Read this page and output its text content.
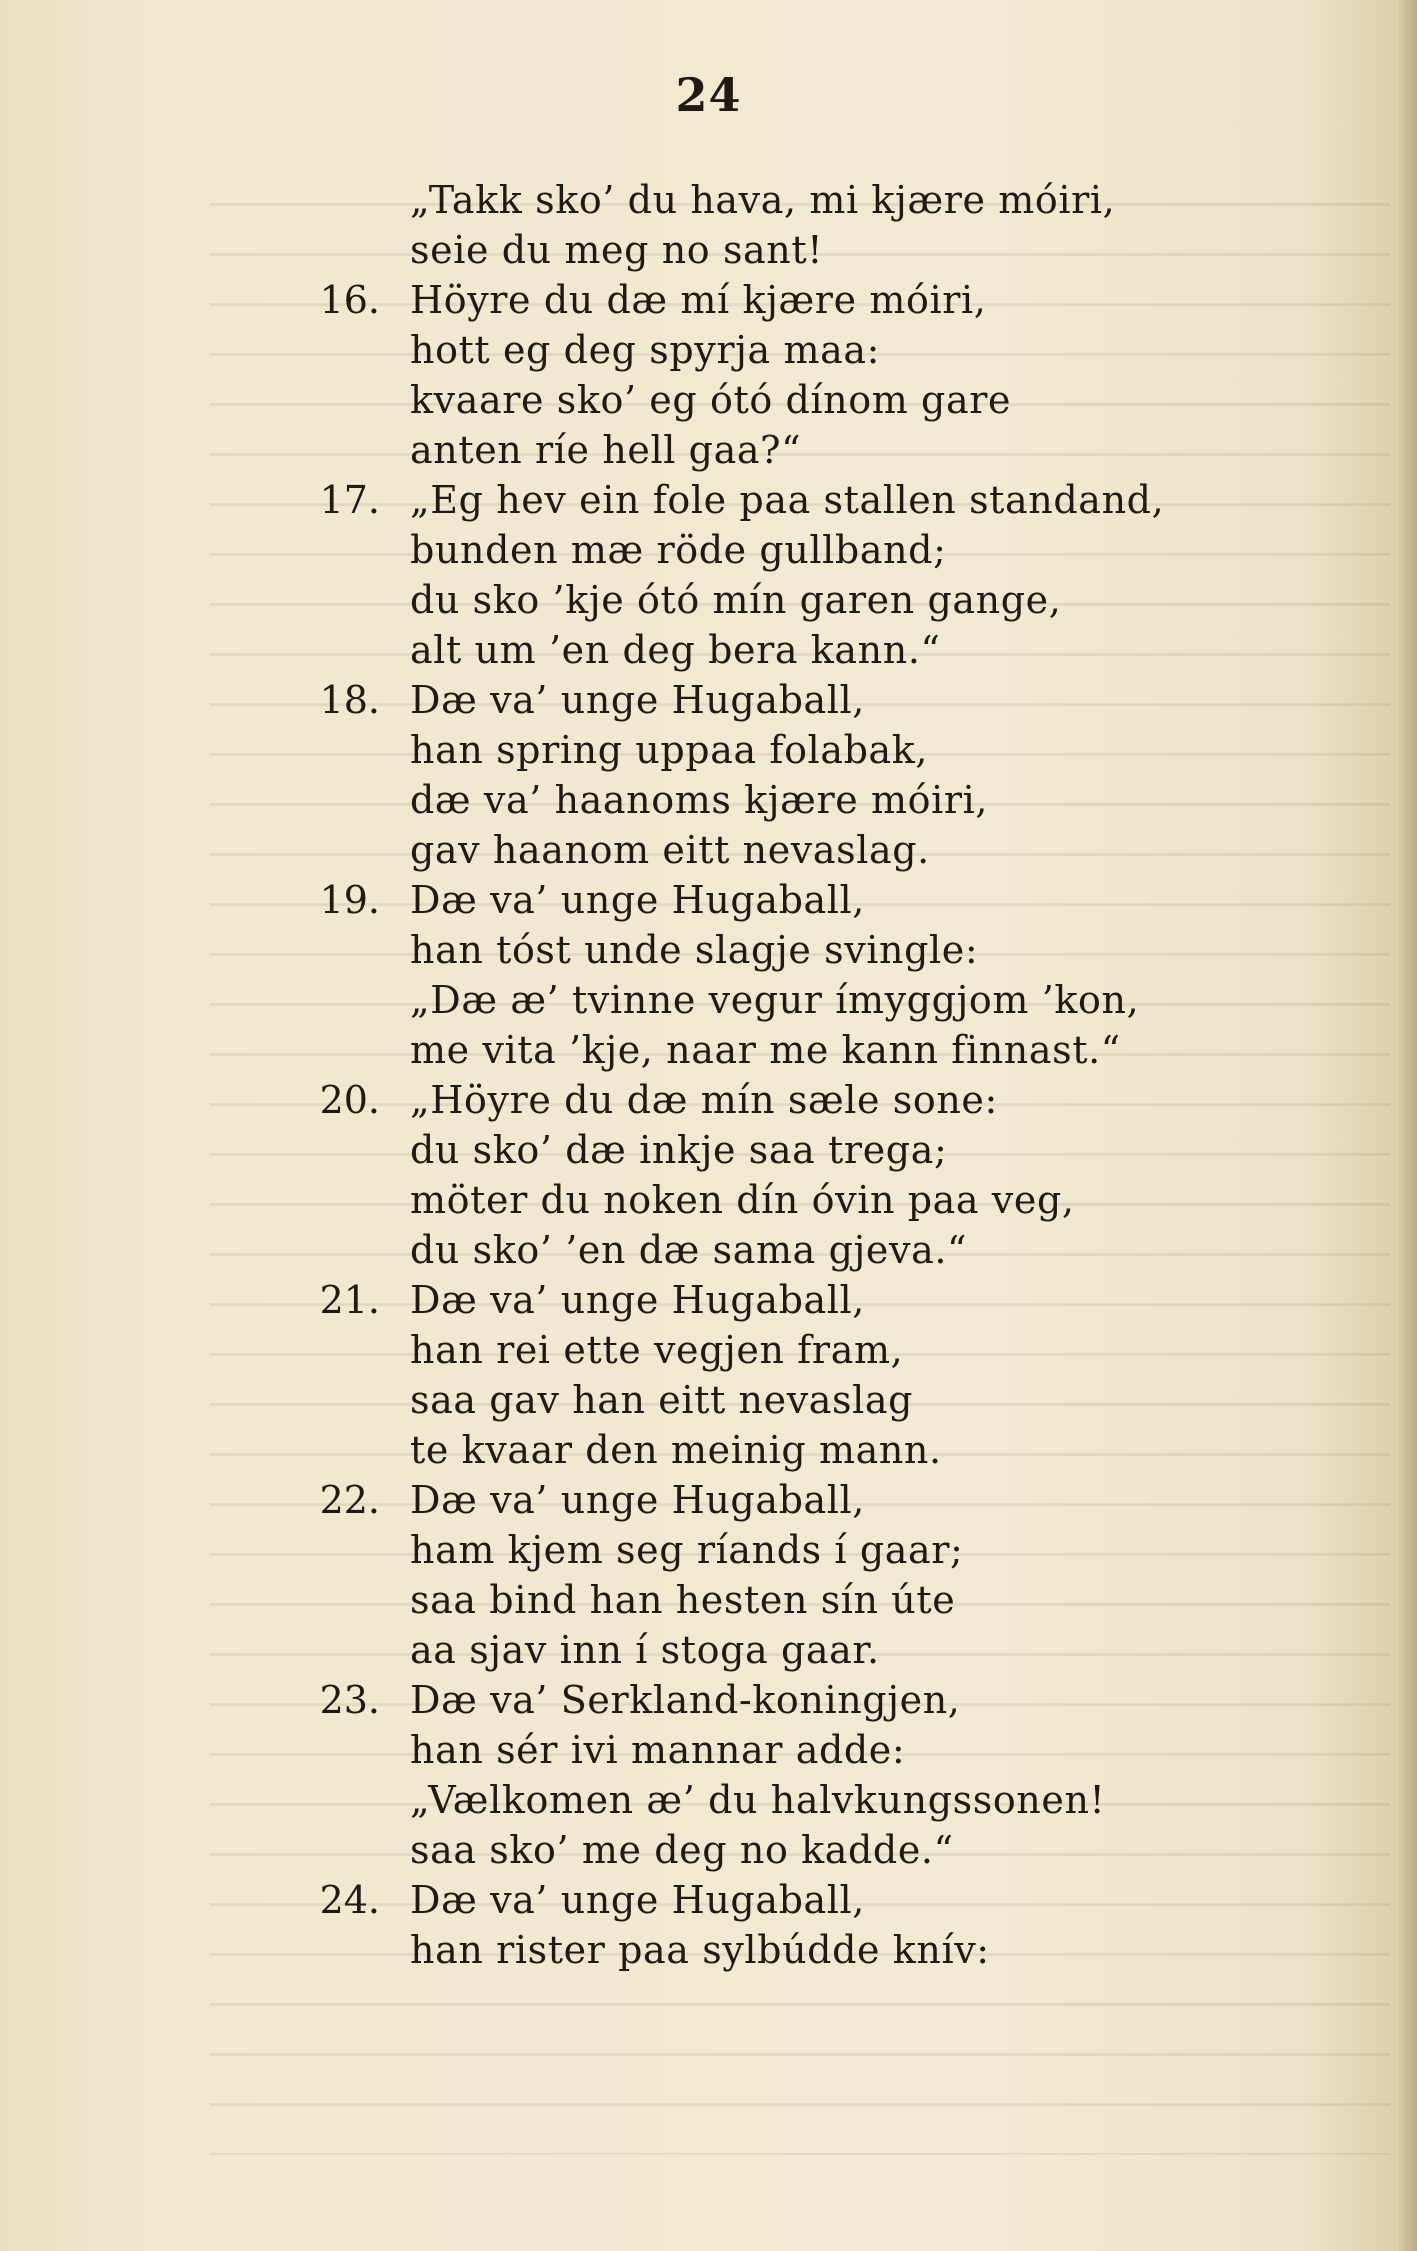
24
„Takk sko’ du hava, mi kjære móiri,
seie du meg no sant!
16. Höyre du dæ mí kjære móiri,
hott eg deg spyrja maa:
kvaare sko’ eg ótó dínom gare
anten ríe hell gaa?“
17. „Eg hev ein fole paa stallen standand,
bunden mæ röde gullband;
du sko ’kje ótó mín garen gange,
alt um ’en deg bera kann.“
18. Dæ va’ unge Hugaball,
han spring uppaa folabak,
dæ va’ haanoms kjære móiri,
gav haanom eitt nevaslag.
19. Dæ va’ unge Hugaball,
han tóst unde slagje svingle:
„Dæ æ’ tvinne vegur ímyggjom ’kon,
me vita ’kje, naar me kann finnast.“
20. „Höyre du dæ mín sæle sone:
du sko’ dæ inkje saa trega;
möter du noken dín óvin paa veg,
du sko’ ’en dæ sama gjeva.“
21. Dæ va’ unge Hugaball,
han rei ette vegjen fram,
saa gav han eitt nevaslag
te kvaar den meinig mann.
22. Dæ va’ unge Hugaball,
ham kjem seg ríands í gaar;
saa bind han hesten sín úte
aa sjav inn í stoga gaar.
23. Dæ va’ Serkland-koningjen,
han sér ivi mannar adde:
„Vælkomen æ’ du halvkungssonen!
saa sko’ me deg no kadde.“
24. Dæ va’ unge Hugaball,
han rister paa sylbúdde knív:
